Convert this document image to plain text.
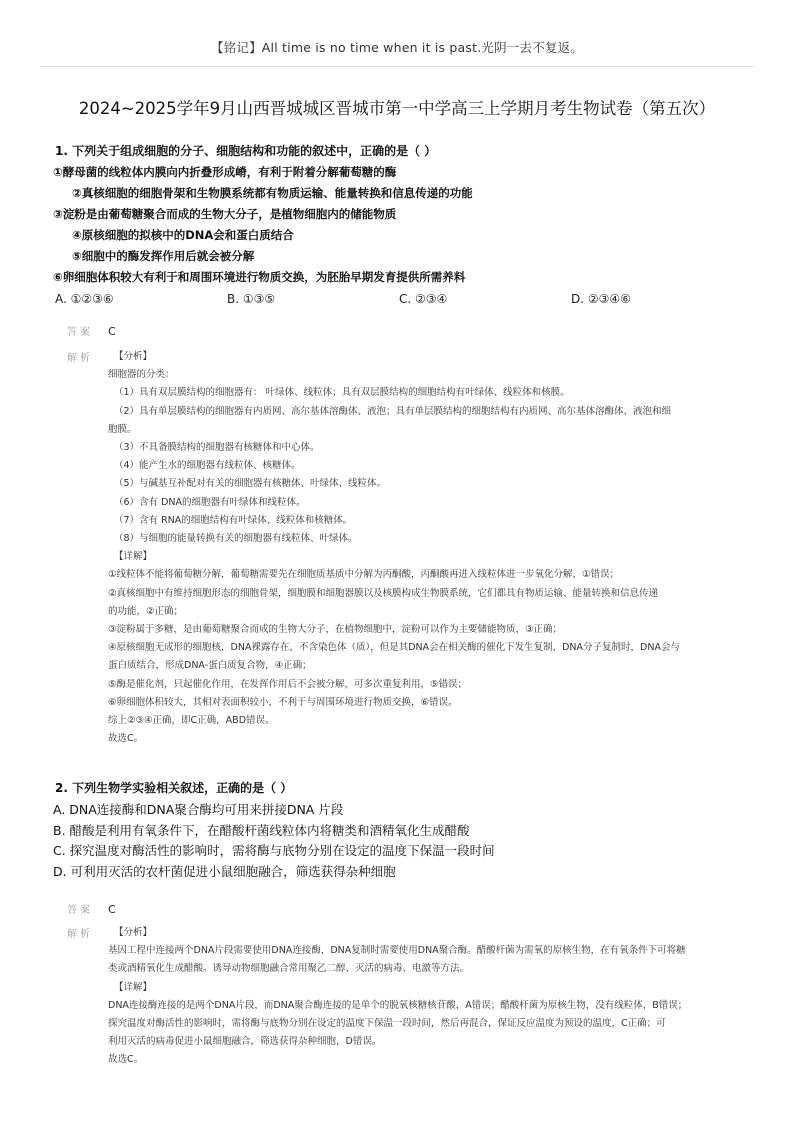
【铭记】All time is no time when it is past.光阴一去不复返。
2024~2025学年9月山西晋城城区晋城市第一中学高三上学期月考生物试卷（第五次）
1. 下列关于组成细胞的分子、细胞结构和功能的叙述中，正确的是（ ）
①酵母菌的线粒体内膜向内折叠形成嵴，有利于附着分解葡萄糖的酶
②真核细胞的细胞骨架和生物膜系统都有物质运输、能量转换和信息传递的功能
③淀粉是由葡萄糖聚合而成的生物大分子，是植物细胞内的储能物质
④原核细胞的拟核中的DNA会和蛋白质结合
⑤细胞中的酶发挥作用后就会被分解
⑥卵细胞体积较大有利于和周围环境进行物质交换，为胚胎早期发育提供所需养料
A. ①②③⑥	B. ①③⑤	C. ②③④	D. ②③④⑥
答案 C
解析	【分析】
细胞器的分类：
（1）具有双层膜结构的细胞器有： 叶绿体、线粒体；具有双层膜结构的细胞结构有叶绿体、线粒体和核膜。
（2）具有单层膜结构的细胞器有内质网、高尔基体溶酶体、液泡；具有单层膜结构的细胞结构有内质网、高尔基体溶酶体、液泡和细
胞膜。
（3）不具备膜结构的细胞器有核糖体和中心体。
（4）能产生水的细胞器有线粒体、核糖体。
（5）与碱基互补配对有关的细胞器有核糖体、叶绿体、线粒体。
（6）含有 DNA的细胞器有叶绿体和线粒体。
（7）含有 RNA的细胞结构有叶绿体、线粒体和核糖体。
（8）与细胞的能量转换有关的细胞器有线粒体、叶绿体。
【详解】
①线粒体不能将葡萄糖分解，葡萄糖需要先在细胞质基质中分解为丙酮酸，丙酮酸再进入线粒体进一步氧化分解，①错误；
②真核细胞中有维持细胞形态的细胞骨架，细胞膜和细胞器膜以及核膜构成生物膜系统，它们都具有物质运输、能量转换和信息传递
的功能，②正确；
③淀粉属于多糖，是由葡萄糖聚合而成的生物大分子，在植物细胞中，淀粉可以作为主要储能物质，③正确；
④原核细胞无成形的细胞核，DNA裸露存在，不含染色体（质），但是其DNA会在相关酶的催化下发生复制，DNA分子复制时，DNA会与
蛋白质结合，形成DNA-蛋白质复合物，④正确；
⑤酶是催化剂，只起催化作用，在发挥作用后不会被分解，可多次重复利用，⑤错误；
⑥卵细胞体积较大，其相对表面积较小，不利于与周围环境进行物质交换，⑥错误。
综上②③④正确，即C正确，ABD错误。
故选C。
2. 下列生物学实验相关叙述，正确的是（ ）
A. DNA连接酶和DNA聚合酶均可用来拼接DNA 片段
B. 醋酸是利用有氧条件下，在醋酸杆菌线粒体内将糖类和酒精氧化生成醋酸
C. 探究温度对酶活性的影响时，需将酶与底物分别在设定的温度下保温一段时间
D. 可利用灭活的农杆菌促进小鼠细胞融合，筛选获得杂种细胞
答案 C
解析	【分析】
基因工程中连接两个DNA片段需要使用DNA连接酶，DNA复制时需要使用DNA聚合酶。醋酸杆菌为需氧的原核生物，在有氧条件下可将糖
类或酒精氧化生成醋酸。诱导动物细胞融合常用聚乙二醇、灭活的病毒、电激等方法。
【详解】
DNA连接酶连接的是两个DNA片段，而DNA聚合酶连接的是单个的脱氧核糖核苷酸，A错误；醋酸杆菌为原核生物，没有线粒体，B错误；
探究温度对酶活性的影响时，需将酶与底物分别在设定的温度下保温一段时间，然后再混合，保证反应温度为预设的温度，C正确；可
利用灭活的病毒促进小鼠细胞融合，筛选获得杂种细胞，D错误。
故选C。
